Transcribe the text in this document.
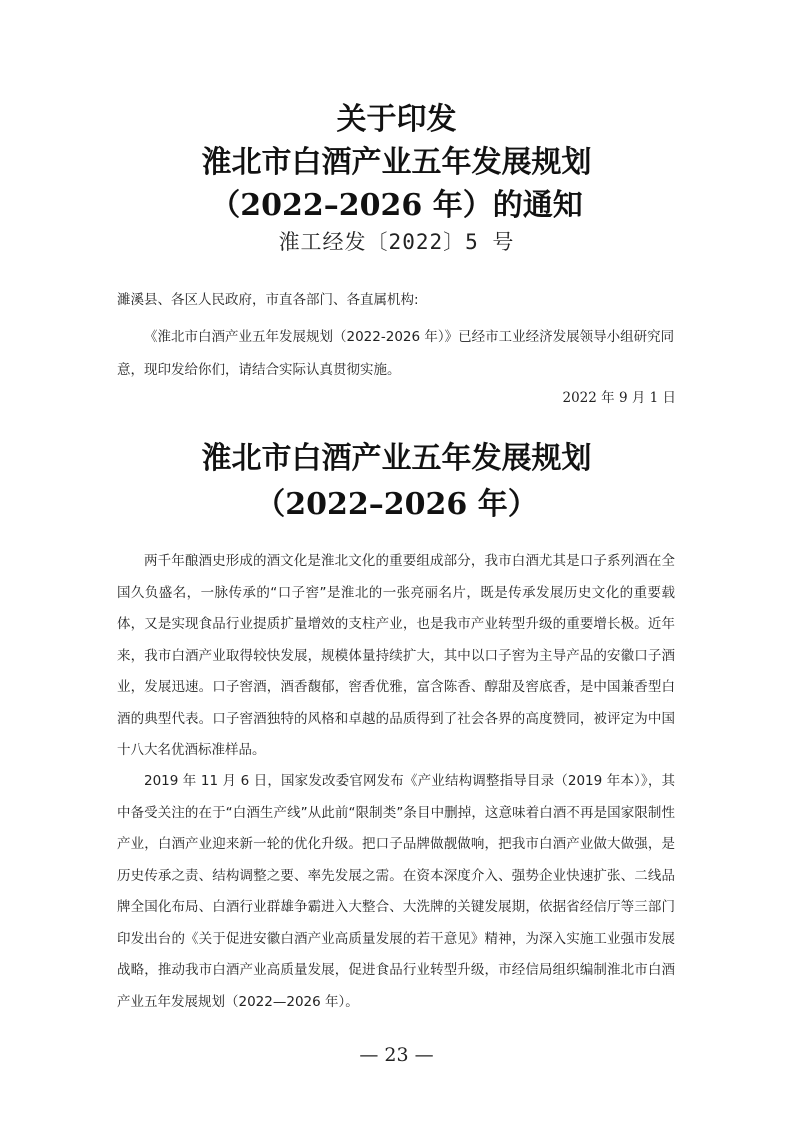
关于印发
淮北市白酒产业五年发展规划
（2022–2026 年）的通知
淮工经发〔2022〕5 号
濉溪县、各区人民政府，市直各部门、各直属机构:
《淮北市白酒产业五年发展规划（2022-2026 年）》已经市工业经济发展领导小组研究同意，现印发给你们，请结合实际认真贯彻实施。
2022 年 9 月 1 日
淮北市白酒产业五年发展规划
（2022–2026 年）
两千年酿酒史形成的酒文化是淮北文化的重要组成部分，我市白酒尤其是口子系列酒在全国久负盛名，一脉传承的“口子窖”是淮北的一张亮丽名片，既是传承发展历史文化的重要载体，又是实现食品行业提质扩量增效的支柱产业，也是我市产业转型升级的重要增长极。近年来，我市白酒产业取得较快发展，规模体量持续扩大，其中以口子窖为主导产品的安徽口子酒业，发展迅速。口子窖酒，酒香馥郁，窖香优雅，富含陈香、醇甜及窖底香，是中国兼香型白酒的典型代表。口子窖酒独特的风格和卓越的品质得到了社会各界的高度赞同，被评定为中国十八大名优酒标准样品。
2019 年 11 月 6 日，国家发改委官网发布《产业结构调整指导目录（2019 年本）》，其中备受关注的在于“白酒生产线”从此前“限制类”条目中删掉，这意味着白酒不再是国家限制性产业，白酒产业迎来新一轮的优化升级。把口子品牌做靓做响，把我市白酒产业做大做强，是历史传承之责、结构调整之要、率先发展之需。在资本深度介入、强势企业快速扩张、二线品牌全国化布局、白酒行业群雄争霸进入大整合、大洗牌的关键发展期，依据省经信厅等三部门印发出台的《关于促进安徽白酒产业高质量发展的若干意见》精神，为深入实施工业强市发展战略，推动我市白酒产业高质量发展，促进食品行业转型升级，市经信局组织编制淮北市白酒产业五年发展规划（2022—2026 年）。
— 23 —
